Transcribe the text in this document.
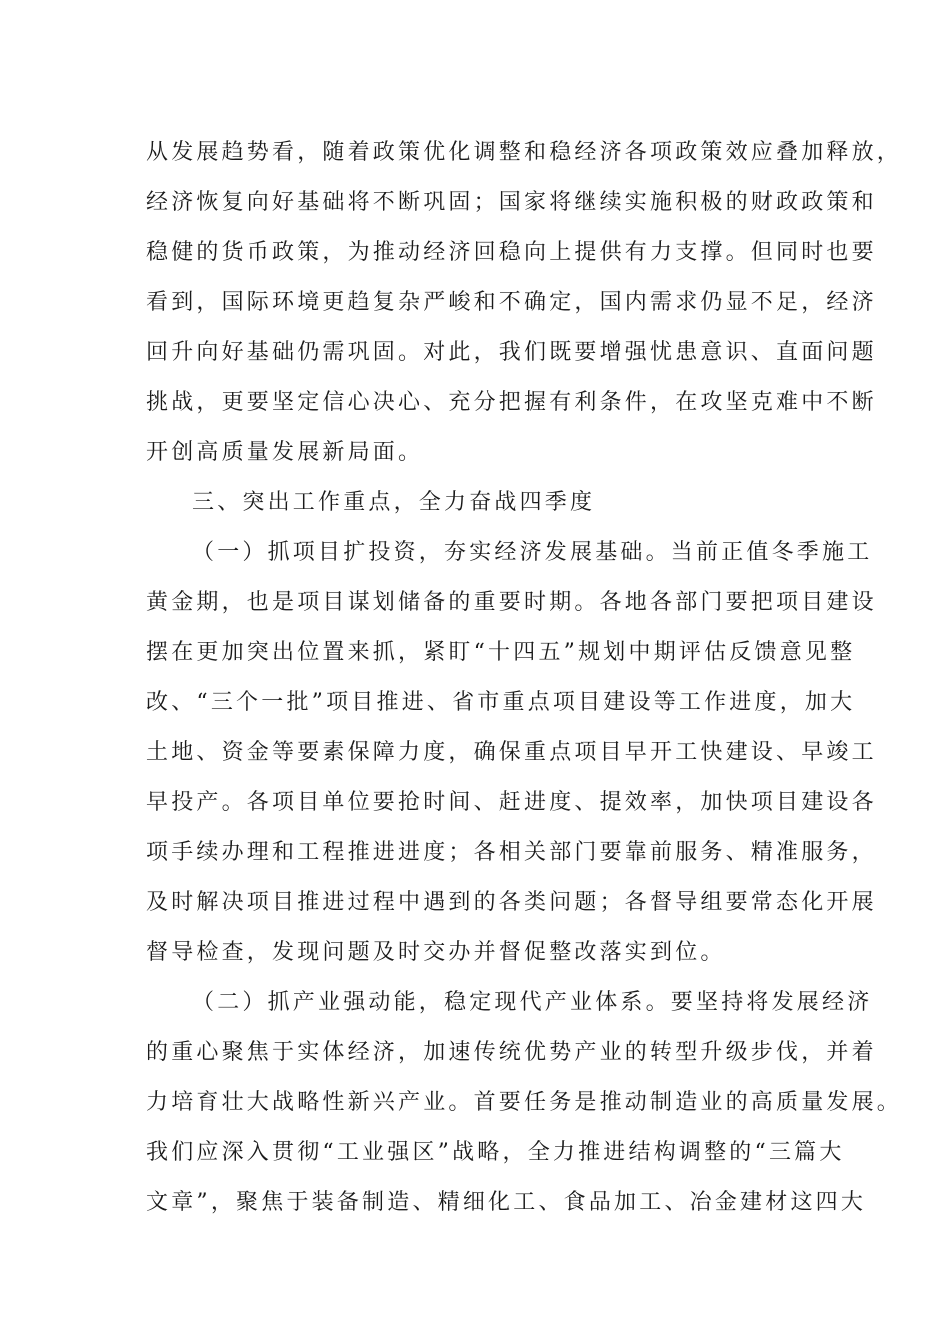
从发展趋势看，随着政策优化调整和稳经济各项政策效应叠加释放，
经济恢复向好基础将不断巩固；国家将继续实施积极的财政政策和
稳健的货币政策，为推动经济回稳向上提供有力支撑。但同时也要
看到，国际环境更趋复杂严峻和不确定，国内需求仍显不足，经济
回升向好基础仍需巩固。对此，我们既要增强忧患意识、直面问题
挑战，更要坚定信心决心、充分把握有利条件，在攻坚克难中不断
开创高质量发展新局面。
三、突出工作重点，全力奋战四季度
（一）抓项目扩投资，夯实经济发展基础。当前正值冬季施工
黄金期，也是项目谋划储备的重要时期。各地各部门要把项目建设
摆在更加突出位置来抓，紧盯“十四五”规划中期评估反馈意见整
改、“三个一批”项目推进、省市重点项目建设等工作进度，加大
土地、资金等要素保障力度，确保重点项目早开工快建设、早竣工
早投产。各项目单位要抢时间、赶进度、提效率，加快项目建设各
项手续办理和工程推进进度；各相关部门要靠前服务、精准服务，
及时解决项目推进过程中遇到的各类问题；各督导组要常态化开展
督导检查，发现问题及时交办并督促整改落实到位。
（二）抓产业强动能，稳定现代产业体系。要坚持将发展经济
的重心聚焦于实体经济，加速传统优势产业的转型升级步伐，并着
力培育壮大战略性新兴产业。首要任务是推动制造业的高质量发展。
我们应深入贯彻“工业强区”战略，全力推进结构调整的“三篇大
文章”，聚焦于装备制造、精细化工、食品加工、冶金建材这四大
